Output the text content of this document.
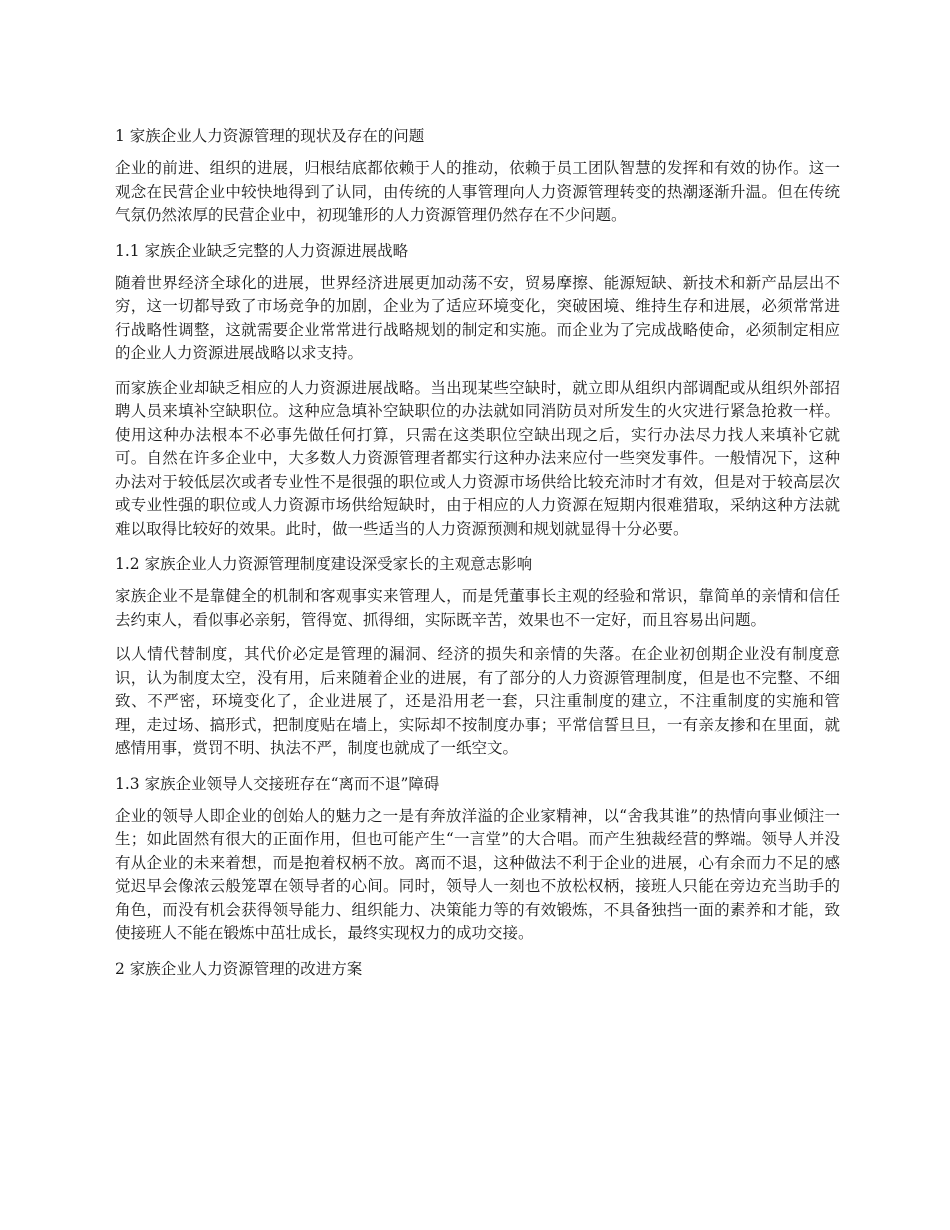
1 家族企业人力资源管理的现状及存在的问题
企业的前进、组织的进展，归根结底都依赖于人的推动，依赖于员工团队智慧的发挥和有效的协作。这一观念在民营企业中较快地得到了认同，由传统的人事管理向人力资源管理转变的热潮逐渐升温。但在传统气氛仍然浓厚的民营企业中，初现雏形的人力资源管理仍然存在不少问题。
1.1 家族企业缺乏完整的人力资源进展战略
随着世界经济全球化的进展，世界经济进展更加动荡不安，贸易摩擦、能源短缺、新技术和新产品层出不穷，这一切都导致了市场竞争的加剧，企业为了适应环境变化，突破困境、维持生存和进展，必须常常进行战略性调整，这就需要企业常常进行战略规划的制定和实施。而企业为了完成战略使命，必须制定相应的企业人力资源进展战略以求支持。
而家族企业却缺乏相应的人力资源进展战略。当出现某些空缺时，就立即从组织内部调配或从组织外部招聘人员来填补空缺职位。这种应急填补空缺职位的办法就如同消防员对所发生的火灾进行紧急抢救一样。使用这种办法根本不必事先做任何打算，只需在这类职位空缺出现之后，实行办法尽力找人来填补它就可。自然在许多企业中，大多数人力资源管理者都实行这种办法来应付一些突发事件。一般情况下，这种办法对于较低层次或者专业性不是很强的职位或人力资源市场供给比较充沛时才有效，但是对于较高层次或专业性强的职位或人力资源市场供给短缺时，由于相应的人力资源在短期内很难猎取，采纳这种方法就难以取得比较好的效果。此时，做一些适当的人力资源预测和规划就显得十分必要。
1.2 家族企业人力资源管理制度建设深受家长的主观意志影响
家族企业不是靠健全的机制和客观事实来管理人，而是凭董事长主观的经验和常识，靠简单的亲情和信任去约束人，看似事必亲躬，管得宽、抓得细，实际既辛苦，效果也不一定好，而且容易出问题。
以人情代替制度，其代价必定是管理的漏洞、经济的损失和亲情的失落。在企业初创期企业没有制度意识，认为制度太空，没有用，后来随着企业的进展，有了部分的人力资源管理制度，但是也不完整、不细致、不严密，环境变化了，企业进展了，还是沿用老一套，只注重制度的建立，不注重制度的实施和管理，走过场、搞形式，把制度贴在墙上，实际却不按制度办事；平常信誓旦旦，一有亲友掺和在里面，就感情用事，赏罚不明、执法不严，制度也就成了一纸空文。
1.3 家族企业领导人交接班存在“离而不退”障碍
企业的领导人即企业的创始人的魅力之一是有奔放洋溢的企业家精神，以“舍我其谁”的热情向事业倾注一生；如此固然有很大的正面作用，但也可能产生“一言堂”的大合唱。而产生独裁经营的弊端。领导人并没有从企业的未来着想，而是抱着权柄不放。离而不退，这种做法不利于企业的进展，心有余而力不足的感觉迟早会像浓云般笼罩在领导者的心间。同时，领导人一刻也不放松权柄，接班人只能在旁边充当助手的角色，而没有机会获得领导能力、组织能力、决策能力等的有效锻炼，不具备独挡一面的素养和才能，致使接班人不能在锻炼中茁壮成长，最终实现权力的成功交接。
2 家族企业人力资源管理的改进方案
